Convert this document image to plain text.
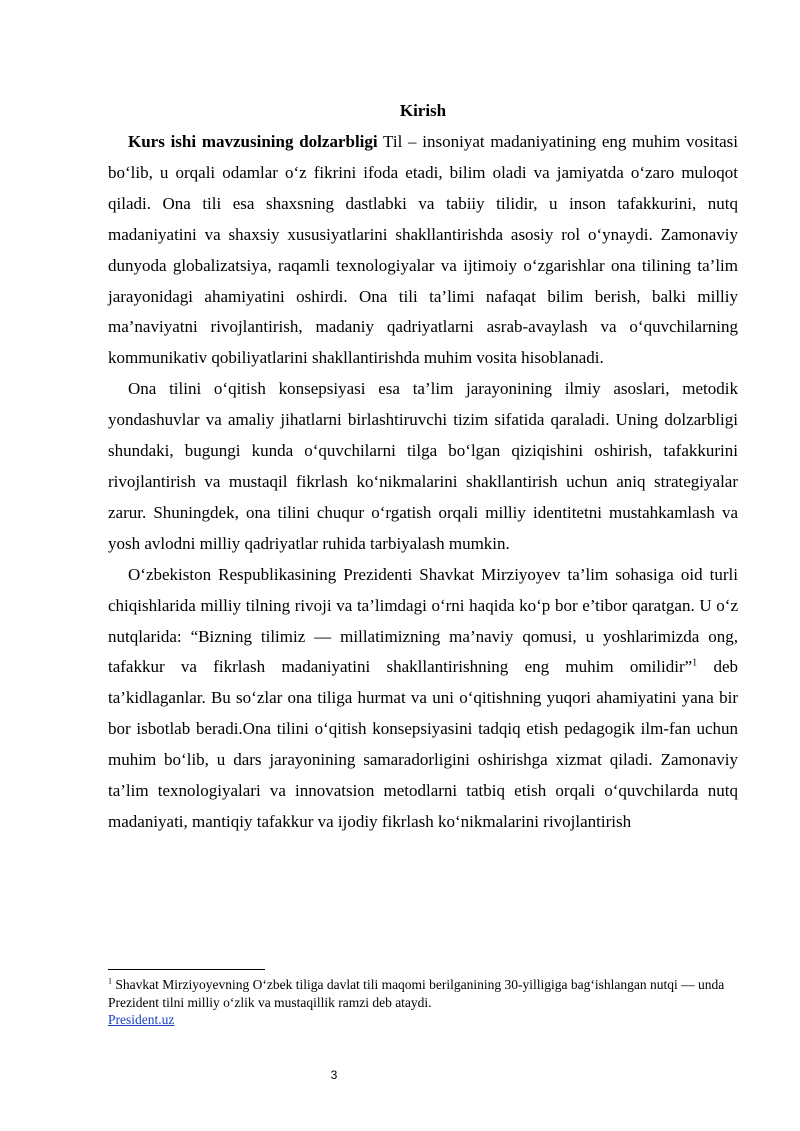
Kirish

Kurs ishi mavzusining dolzarbligi Til – insoniyat madaniyatining eng muhim vositasi bo‘lib, u orqali odamlar o‘z fikrini ifoda etadi, bilim oladi va jamiyatda o‘zaro muloqot qiladi. Ona tili esa shaxsning dastlabki va tabiiy tilidir, u inson tafakkurini, nutq madaniyatini va shaxsiy xususiyatlarini shakllantirishda asosiy rol o‘ynaydi. Zamonaviy dunyoda globalizatsiya, raqamli texnologiyalar va ijtimoiy o‘zgarishlar ona tilining ta’lim jarayonidagi ahamiyatini oshirdi. Ona tili ta’limi nafaqat bilim berish, balki milliy ma’naviyatni rivojlantirish, madaniy qadriyatlarni asrab-avaylash va o‘quvchilarning kommunikativ qobiliyatlarini shakllantirishda muhim vosita hisoblanadi.

Ona tilini o‘qitish konsepsiyasi esa ta’lim jarayonining ilmiy asoslari, metodik yondashuvlar va amaliy jihatlarni birlashtiruvchi tizim sifatida qaraladi. Uning dolzarbligi shundaki, bugungi kunda o‘quvchilarni tilga bo‘lgan qiziqishini oshirish, tafakkurini rivojlantirish va mustaqil fikrlash ko‘nikmalarini shakllantirish uchun aniq strategiyalar zarur. Shuningdek, ona tilini chuqur o‘rgatish orqali milliy identitetni mustahkamlash va yosh avlodni milliy qadriyatlar ruhida tarbiyalash mumkin.

O‘zbekiston Respublikasining Prezidenti Shavkat Mirziyoyev ta’lim sohasiga oid turli chiqishlarida milliy tilning rivoji va ta’limdagi o‘rni haqida ko‘p bor e’tibor qaratgan. U o‘z nutqlarida: “Bizning tilimiz — millatimizning ma’naviy qomusi, u yoshlarimizda ong, tafakkur va fikrlash madaniyatini shakllantirishning eng muhim omilidir”$^1$ deb ta’kidlaganlar. Bu so‘zlar ona tiliga hurmat va uni o‘qitishning yuqori ahamiyatini yana bir bor isbotlab beradi.Ona tilini o‘qitish konsepsiyasini tadqiq etish pedagogik ilm-fan uchun muhim bo‘lib, u dars jarayonining samaradorligini oshirishga xizmat qiladi. Zamonaviy ta’lim texnologiyalari va innovatsion metodlarni tatbiq etish orqali o‘quvchilarda nutq madaniyati, mantiqiy tafakkur va ijodiy fikrlash ko‘nikmalarini rivojlantirish

$^1$ Shavkat Mirziyoyevning O‘zbek tiliga davlat tili maqomi berilganining 30-yilligiga bag‘ishlangan nutqi — unda Prezident tilni milliy o‘zlik va mustaqillik ramzi deb ataydi.
President.uz

3
